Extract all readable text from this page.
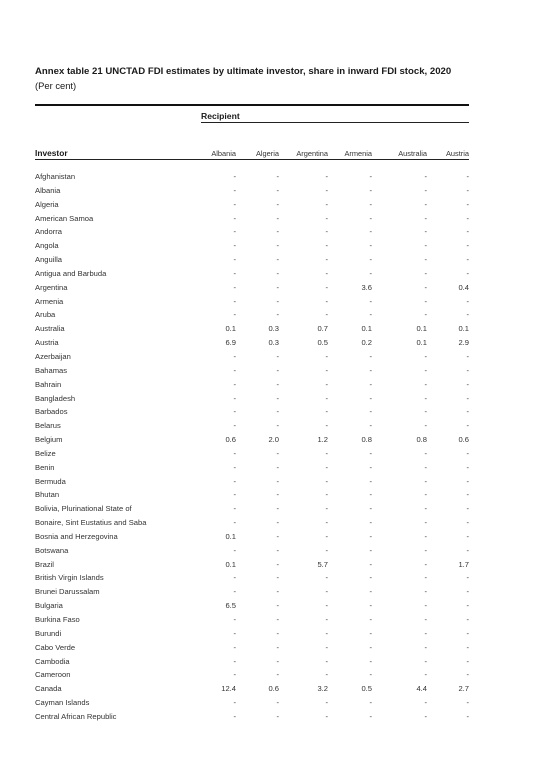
Annex table 21 UNCTAD FDI estimates by ultimate investor, share in inward FDI stock, 2020
(Per cent)
Recipient
Investor	Albania	Algeria	Argentina	Armenia	Australia	Austria
Afghanistan	-	-	-	-	-	-
Albania	-	-	-	-	-	-
Algeria	-	-	-	-	-	-
American Samoa	-	-	-	-	-	-
Andorra	-	-	-	-	-	-
Angola	-	-	-	-	-	-
Anguilla	-	-	-	-	-	-
Antigua and Barbuda	-	-	-	-	-	-
Argentina	-	-	-	3.6	-	0.4
Armenia	-	-	-	-	-	-
Aruba	-	-	-	-	-	-
Australia	0.1	0.3	0.7	0.1	0.1	0.1
Austria	6.9	0.3	0.5	0.2	0.1	2.9
Azerbaijan	-	-	-	-	-	-
Bahamas	-	-	-	-	-	-
Bahrain	-	-	-	-	-	-
Bangladesh	-	-	-	-	-	-
Barbados	-	-	-	-	-	-
Belarus	-	-	-	-	-	-
Belgium	0.6	2.0	1.2	0.8	0.8	0.6
Belize	-	-	-	-	-	-
Benin	-	-	-	-	-	-
Bermuda	-	-	-	-	-	-
Bhutan	-	-	-	-	-	-
Bolivia, Plurinational State of	-	-	-	-	-	-
Bonaire, Sint Eustatius and Saba	-	-	-	-	-	-
Bosnia and Herzegovina	0.1	-	-	-	-	-
Botswana	-	-	-	-	-	-
Brazil	0.1	-	5.7	-	-	1.7
British Virgin Islands	-	-	-	-	-	-
Brunei Darussalam	-	-	-	-	-	-
Bulgaria	6.5	-	-	-	-	-
Burkina Faso	-	-	-	-	-	-
Burundi	-	-	-	-	-	-
Cabo Verde	-	-	-	-	-	-
Cambodia	-	-	-	-	-	-
Cameroon	-	-	-	-	-	-
Canada	12.4	0.6	3.2	0.5	4.4	2.7
Cayman Islands	-	-	-	-	-	-
Central African Republic	-	-	-	-	-	-
